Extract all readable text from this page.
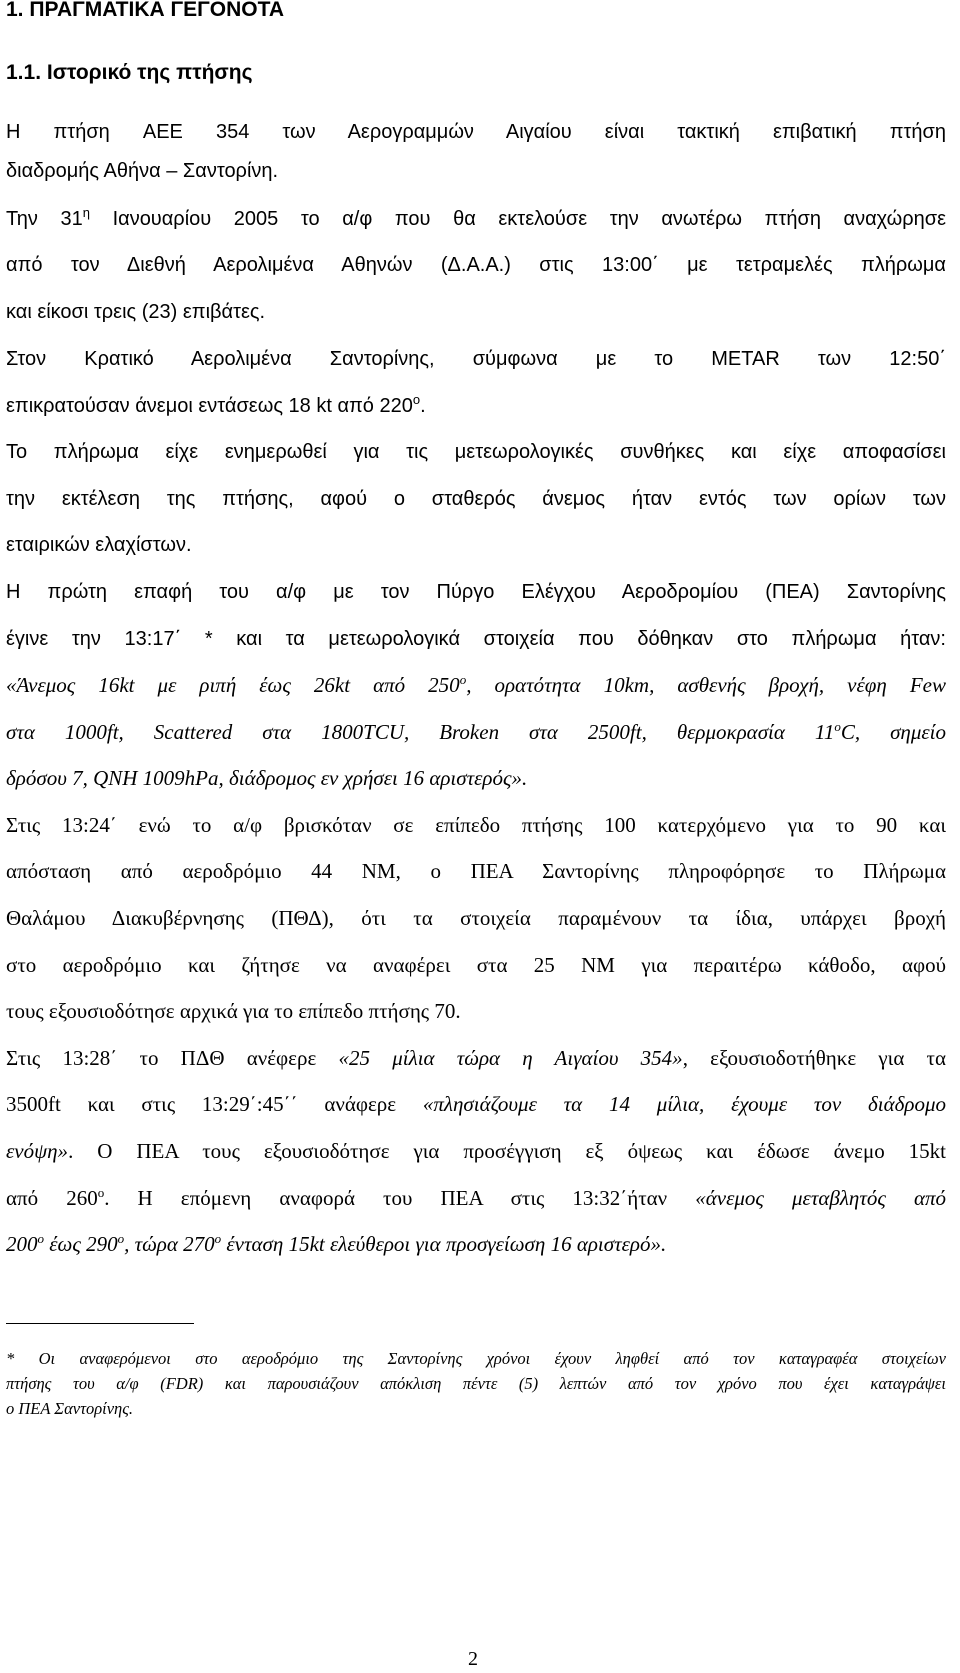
1. ΠΡΑΓΜΑΤΙΚΑ ΓΕΓΟΝΟΤΑ
1.1. Ιστορικό της πτήσης
Η πτήση AEE 354 των Αερογραμμών Αιγαίου είναι τακτική επιβατική πτήση
διαδρομής Αθήνα – Σαντορίνη.
Την $31^\eta$ Ιανουαρίου 2005 το α/φ που θα εκτελούσε την ανωτέρω πτήση αναχώρησε
από τον Διεθνή Αερολιμένα Αθηνών (Δ.Α.Α.) στις 13:00΄ με τετραμελές πλήρωμα
και είκοσι τρεις (23) επιβάτες.
Στον Κρατικό Αερολιμένα Σαντορίνης, σύμφωνα με το METAR των 12:50΄
επικρατούσαν άνεμοι εντάσεως 18 kt από $220^o$.
Το πλήρωμα είχε ενημερωθεί για τις μετεωρολογικές συνθήκες και είχε αποφασίσει
την εκτέλεση της πτήσης, αφού ο σταθερός άνεμος ήταν εντός των ορίων των
εταιρικών ελαχίστων.
Η πρώτη επαφή του α/φ με τον Πύργο Ελέγχου Αεροδρομίου (ΠΕΑ) Σαντορίνης
έγινε την 13:17΄ * και τα μετεωρολογικά στοιχεία που δόθηκαν στο πλήρωμα ήταν:
«Άνεμος 16kt με ριπή έως 26kt από $250^o$, ορατότητα 10km, ασθενής βροχή, νέφη Few
στα 1000ft, Scattered στα 1800TCU, Broken στα 2500ft, θερμοκρασία $11^oC$, σημείο
δρόσου 7, QNH 1009hPa, διάδρομος εν χρήσει 16 αριστερός».
Στις 13:24΄ ενώ το α/φ βρισκόταν σε επίπεδο πτήσης 100 κατερχόμενο για το 90 και
απόσταση από αεροδρόμιο 44 NM, ο ΠΕΑ Σαντορίνης πληροφόρησε το Πλήρωμα
Θαλάμου Διακυβέρνησης (ΠΘΔ), ότι τα στοιχεία παραμένουν τα ίδια, υπάρχει βροχή
στο αεροδρόμιο και ζήτησε να αναφέρει στα 25 NM για περαιτέρω κάθοδο, αφού
τους εξουσιοδότησε αρχικά για το επίπεδο πτήσης 70.
Στις 13:28΄ το ΠΔΘ ανέφερε «25 μίλια τώρα η Αιγαίου 354», εξουσιοδοτήθηκε για τα
3500ft και στις 13:29΄:45΄΄ ανάφερε «πλησιάζουμε τα 14 μίλια, έχουμε τον διάδρομο
ενόψη». Ο ΠΕΑ τους εξουσιοδότησε για προσέγγιση εξ όψεως και έδωσε άνεμο 15kt
από $260^o$. Η επόμενη αναφορά του ΠΕΑ στις 13:32΄ήταν «άνεμος μεταβλητός από
$200^o$ έως $290^o$, τώρα $270^o$ ένταση 15kt ελεύθεροι για προσγείωση 16 αριστερό».
* Οι αναφερόμενοι στο αεροδρόμιο της Σαντορίνης χρόνοι έχουν ληφθεί από τον καταγραφέα στοιχείων
πτήσης του α/φ (FDR) και παρουσιάζουν απόκλιση πέντε (5) λεπτών από τον χρόνο που έχει καταγράψει
ο ΠΕΑ Σαντορίνης.
2
